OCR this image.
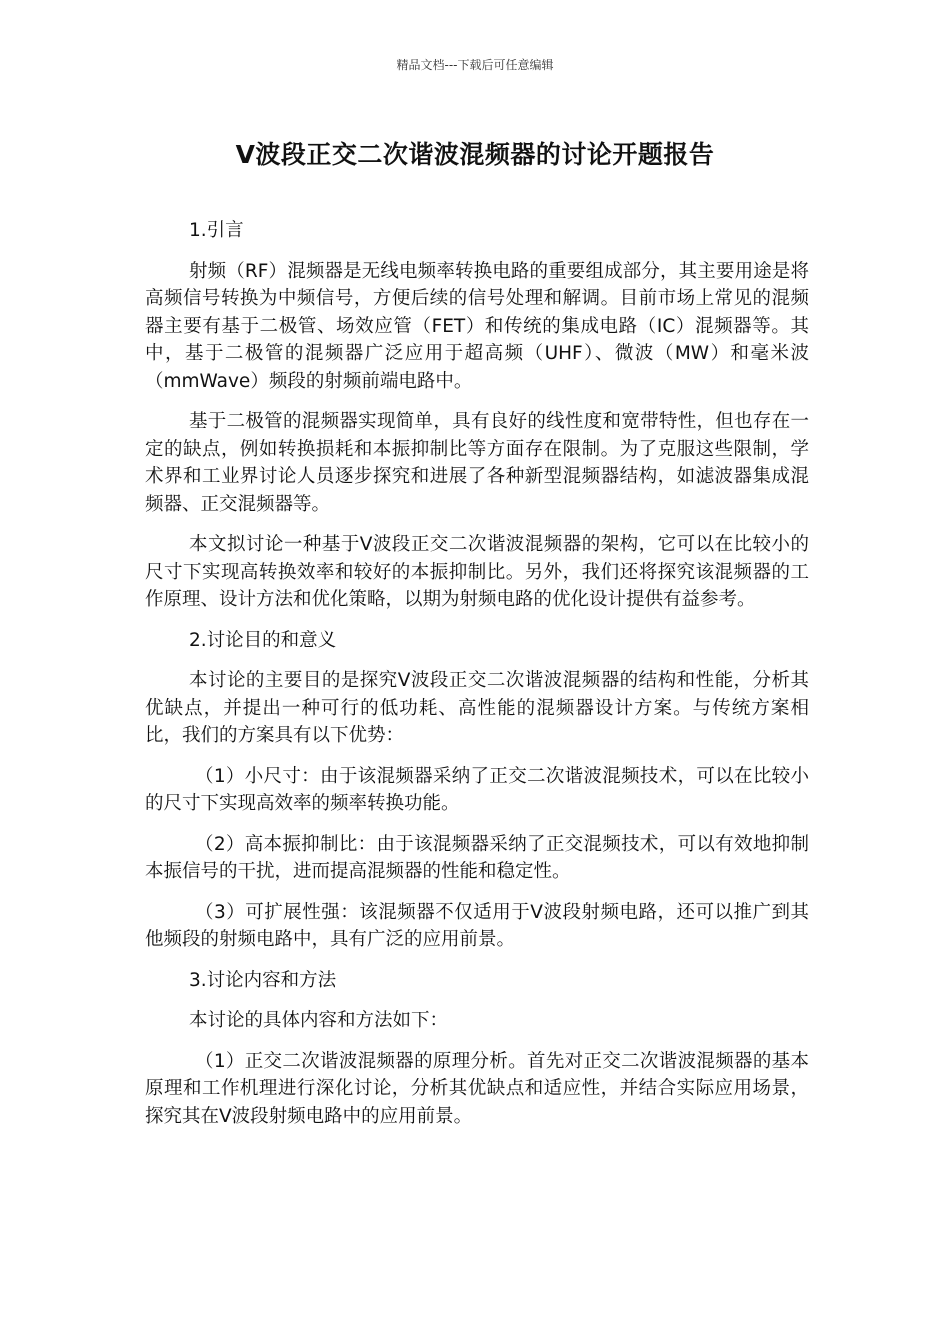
精品文档---下载后可任意编辑
V波段正交二次谐波混频器的讨论开题报告

1.引言

射频（RF）混频器是无线电频率转换电路的重要组成部分，其主要用途是将高频信号转换为中频信号，方便后续的信号处理和解调。目前市场上常见的混频器主要有基于二极管、场效应管（FET）和传统的集成电路（IC）混频器等。其中，基于二极管的混频器广泛应用于超高频（UHF）、微波（MW）和毫米波（mmWave）频段的射频前端电路中。

基于二极管的混频器实现简单，具有良好的线性度和宽带特性，但也存在一定的缺点，例如转换损耗和本振抑制比等方面存在限制。为了克服这些限制，学术界和工业界讨论人员逐步探究和进展了各种新型混频器结构，如滤波器集成混频器、正交混频器等。

本文拟讨论一种基于V波段正交二次谐波混频器的架构，它可以在比较小的尺寸下实现高转换效率和较好的本振抑制比。另外，我们还将探究该混频器的工作原理、设计方法和优化策略，以期为射频电路的优化设计提供有益参考。

2.讨论目的和意义

本讨论的主要目的是探究V波段正交二次谐波混频器的结构和性能，分析其优缺点，并提出一种可行的低功耗、高性能的混频器设计方案。与传统方案相比，我们的方案具有以下优势：

（1）小尺寸：由于该混频器采纳了正交二次谐波混频技术，可以在比较小的尺寸下实现高效率的频率转换功能。

（2）高本振抑制比：由于该混频器采纳了正交混频技术，可以有效地抑制本振信号的干扰，进而提高混频器的性能和稳定性。

（3）可扩展性强：该混频器不仅适用于V波段射频电路，还可以推广到其他频段的射频电路中，具有广泛的应用前景。

3.讨论内容和方法

本讨论的具体内容和方法如下：

（1）正交二次谐波混频器的原理分析。首先对正交二次谐波混频器的基本原理和工作机理进行深化讨论，分析其优缺点和适应性，并结合实际应用场景，探究其在V波段射频电路中的应用前景。
